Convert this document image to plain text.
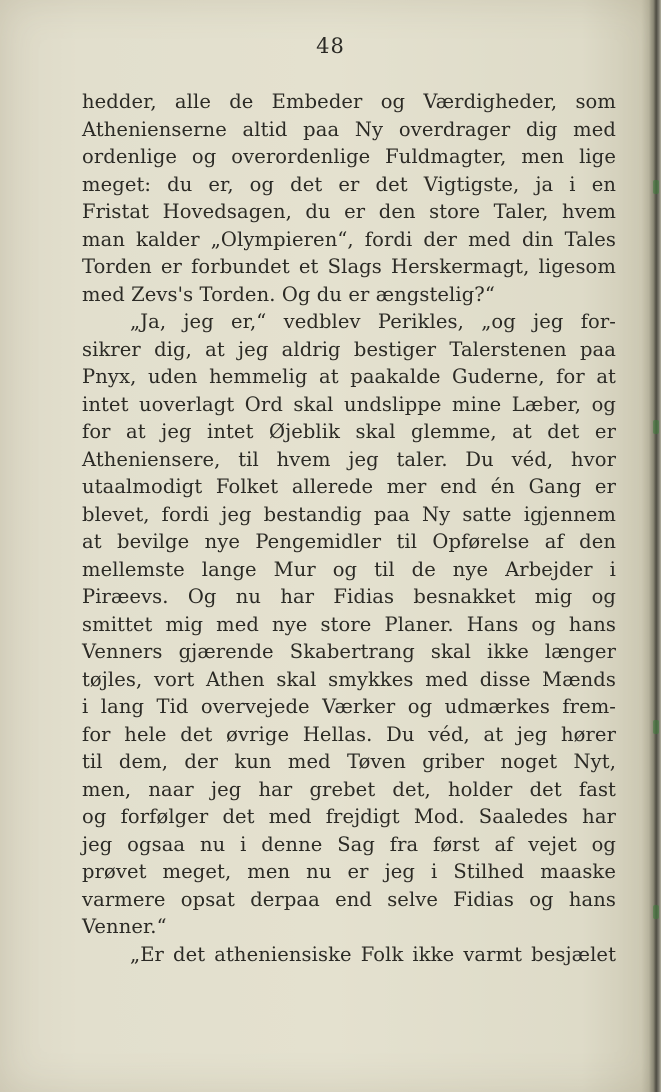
48
hedder, alle de Embeder og Værdigheder, som
Athenienserne altid paa Ny overdrager dig med
ordenlige og overordenlige Fuldmagter, men lige
meget: du er, og det er det Vigtigste, ja i en
Fristat Hovedsagen, du er den store Taler, hvem
man kalder „Olympieren“, fordi der med din Tales
Torden er forbundet et Slags Herskermagt, ligesom
med Zevs's Torden. Og du er ængstelig?“
„Ja, jeg er,“ vedblev Perikles, „og jeg for-
sikrer dig, at jeg aldrig bestiger Talerstenen paa
Pnyx, uden hemmelig at paakalde Guderne, for at
intet uoverlagt Ord skal undslippe mine Læber, og
for at jeg intet Øjeblik skal glemme, at det er
Atheniensere, til hvem jeg taler. Du véd, hvor
utaalmodigt Folket allerede mer end én Gang er
blevet, fordi jeg bestandig paa Ny satte igjennem
at bevilge nye Pengemidler til Opførelse af den
mellemste lange Mur og til de nye Arbejder i
Piræevs. Og nu har Fidias besnakket mig og
smittet mig med nye store Planer. Hans og hans
Venners gjærende Skabertrang skal ikke længer
tøjles, vort Athen skal smykkes med disse Mænds
i lang Tid overvejede Værker og udmærkes frem-
for hele det øvrige Hellas. Du véd, at jeg hører
til dem, der kun med Tøven griber noget Nyt,
men, naar jeg har grebet det, holder det fast
og forfølger det med frejdigt Mod. Saaledes har
jeg ogsaa nu i denne Sag fra først af vejet og
prøvet meget, men nu er jeg i Stilhed maaske
varmere opsat derpaa end selve Fidias og hans
Venner.“
„Er det atheniensiske Folk ikke varmt besjælet
